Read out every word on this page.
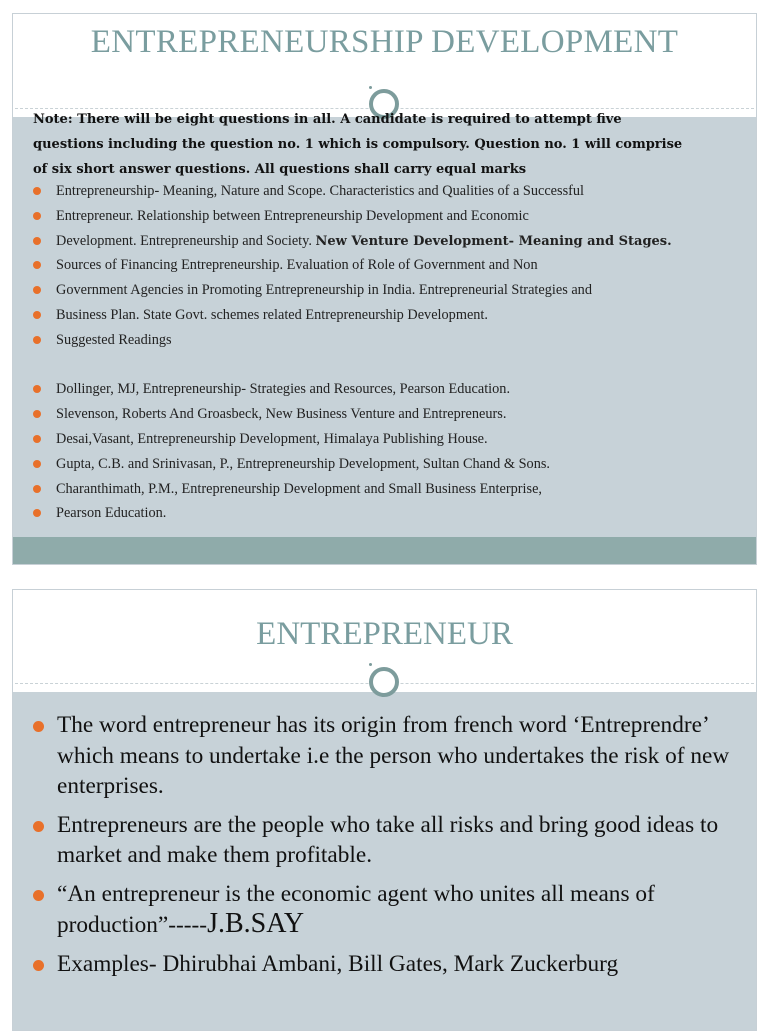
ENTREPRENEURSHIP DEVELOPMENT
Note: There will be eight questions in all. A candidate is required to attempt five
questions including the question no. 1 which is compulsory. Question no. 1 will comprise
of six short answer questions. All questions shall carry equal marks
Entrepreneurship- Meaning, Nature and Scope. Characteristics and Qualities of a Successful
Entrepreneur. Relationship between Entrepreneurship Development and Economic
Development. Entrepreneurship and Society. New Venture Development- Meaning and Stages.
Sources of Financing Entrepreneurship. Evaluation of Role of Government and Non
Government Agencies in Promoting Entrepreneurship in India. Entrepreneurial Strategies and
Business Plan. State Govt. schemes related Entrepreneurship Development.
Suggested Readings
Dollinger, MJ, Entrepreneurship- Strategies and Resources, Pearson Education.
Slevenson, Roberts And Groasbeck, New Business Venture and Entrepreneurs.
Desai,Vasant, Entrepreneurship Development, Himalaya Publishing House.
Gupta, C.B. and Srinivasan, P., Entrepreneurship Development, Sultan Chand & Sons.
Charanthimath, P.M., Entrepreneurship Development and Small Business Enterprise,
Pearson Education.
ENTREPRENEUR
The word entrepreneur has its origin from french word ‘Entreprendre’ which means to undertake i.e the person who undertakes the risk of new enterprises.
Entrepreneurs are the people who take all risks and bring good ideas to market and make them profitable.
“An entrepreneur is the economic agent who unites all means of production”-----J.B.SAY
Examples- Dhirubhai Ambani, Bill Gates, Mark Zuckerburg
